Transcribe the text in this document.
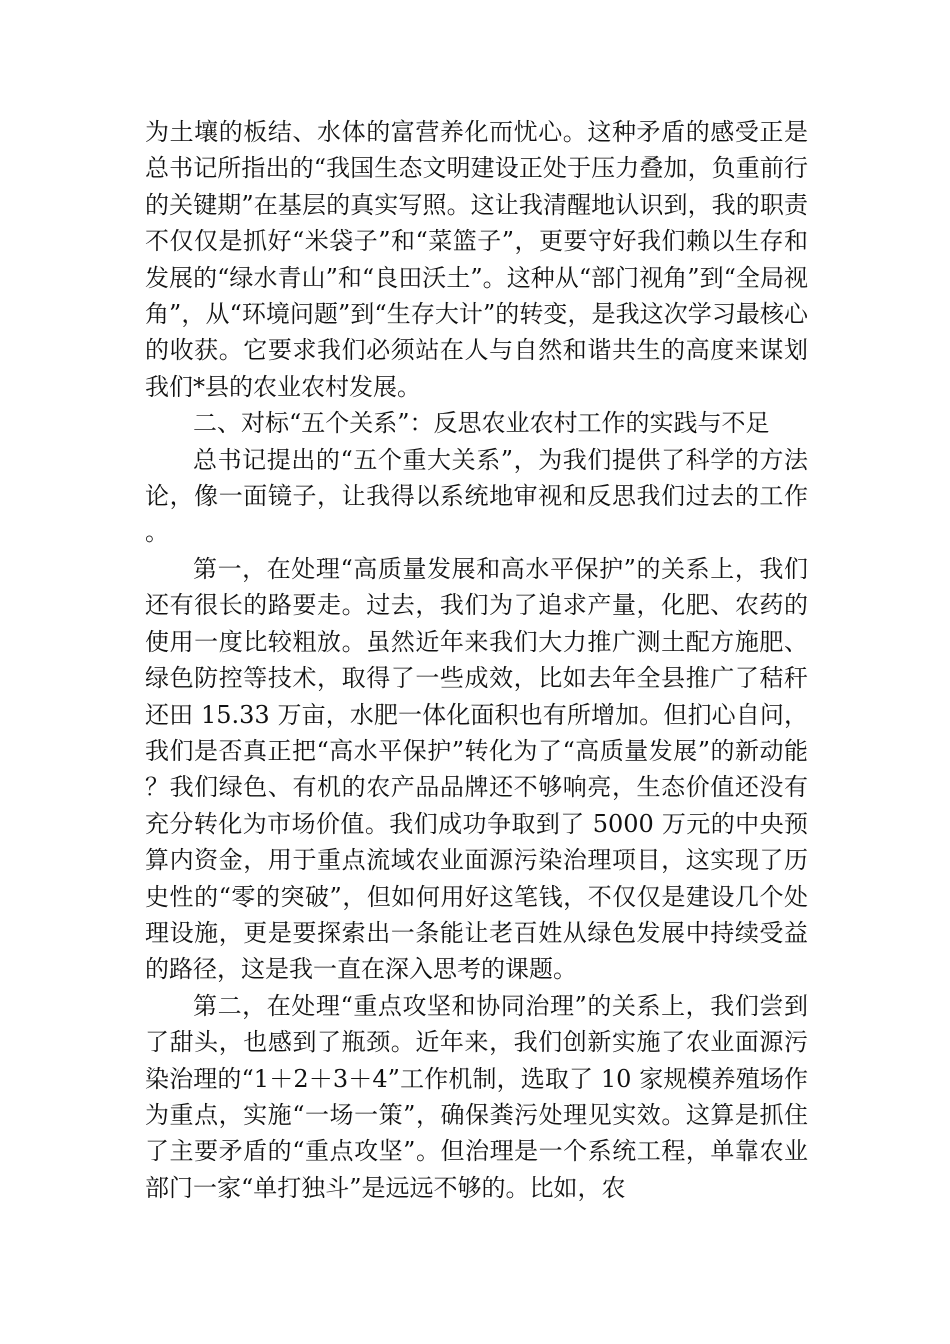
为土壤的板结、水体的富营养化而忧心。这种矛盾的感受正是总书记所指出的“我国生态文明建设正处于压力叠加，负重前行的关键期”在基层的真实写照。这让我清醒地认识到，我的职责不仅仅是抓好“米袋子”和“菜篮子”，更要守好我们赖以生存和发展的“绿水青山”和“良田沃土”。这种从“部门视角”到“全局视角”，从“环境问题”到“生存大计”的转变，是我这次学习最核心的收获。它要求我们必须站在人与自然和谐共生的高度来谋划我们*县的农业农村发展。

二、对标“五个关系”：反思农业农村工作的实践与不足

总书记提出的“五个重大关系”，为我们提供了科学的方法论，像一面镜子，让我得以系统地审视和反思我们过去的工作。

第一，在处理“高质量发展和高水平保护”的关系上，我们还有很长的路要走。过去，我们为了追求产量，化肥、农药的使用一度比较粗放。虽然近年来我们大力推广测土配方施肥、绿色防控等技术，取得了一些成效，比如去年全县推广了秸秆还田 15.33 万亩，水肥一体化面积也有所增加。但扪心自问，我们是否真正把“高水平保护”转化为了“高质量发展”的新动能？我们绿色、有机的农产品品牌还不够响亮，生态价值还没有充分转化为市场价值。我们成功争取到了 5000 万元的中央预算内资金，用于重点流域农业面源污染治理项目，这实现了历史性的“零的突破”，但如何用好这笔钱，不仅仅是建设几个处理设施，更是要探索出一条能让老百姓从绿色发展中持续受益的路径，这是我一直在深入思考的课题。

第二，在处理“重点攻坚和协同治理”的关系上，我们尝到了甜头，也感到了瓶颈。近年来，我们创新实施了农业面源污染治理的“1＋2＋3＋4”工作机制，选取了 10 家规模养殖场作为重点，实施“一场一策”，确保粪污处理见实效。这算是抓住了主要矛盾的“重点攻坚”。但治理是一个系统工程，单靠农业部门一家“单打独斗”是远远不够的。比如，农
